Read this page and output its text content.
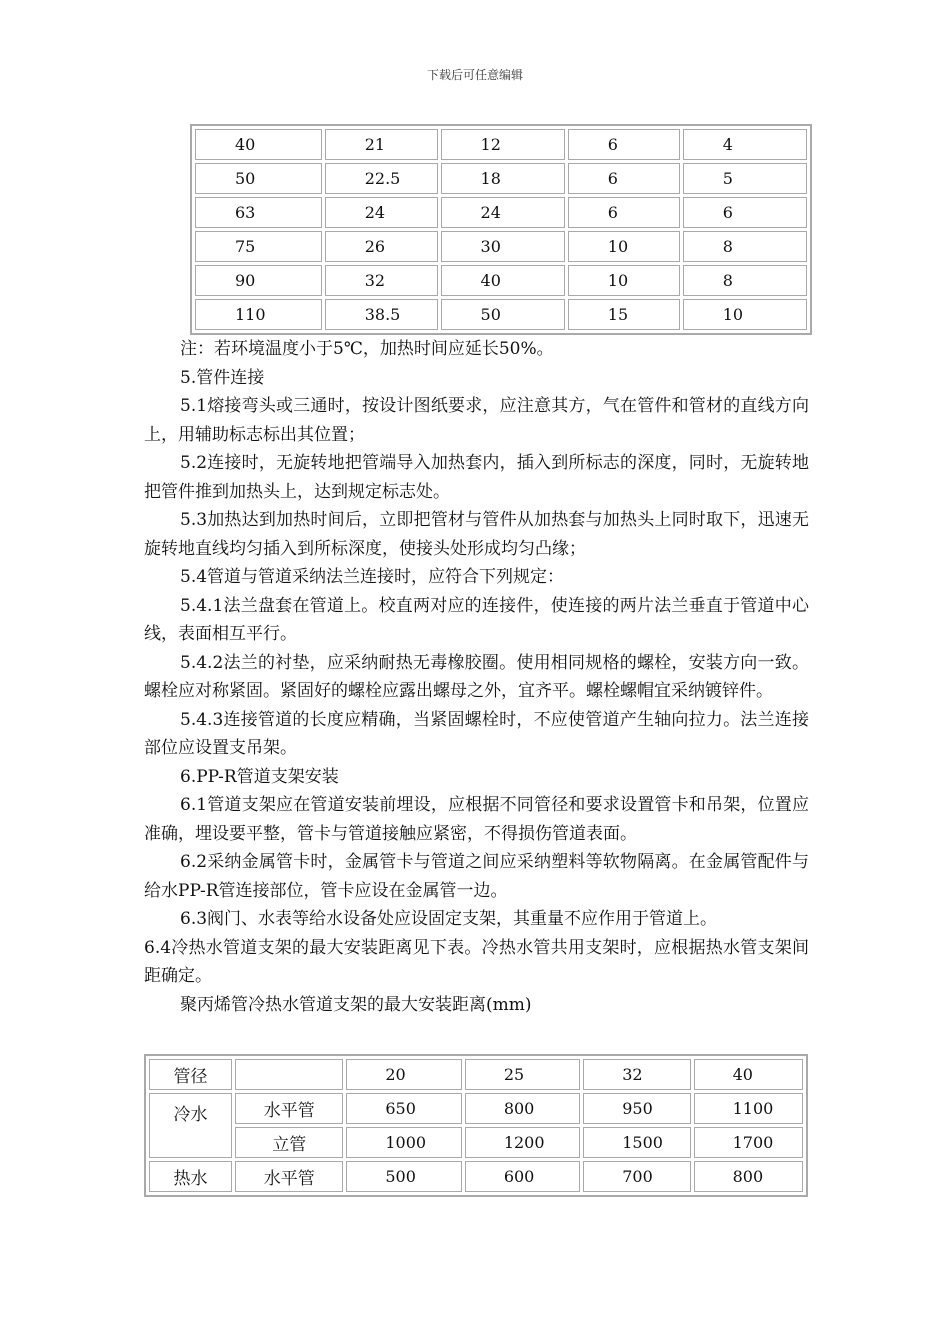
下载后可任意编辑
40	21	12	6	4
50	22.5	18	6	5
63	24	24	6	6
75	26	30	10	8
90	32	40	10	8
110	38.5	50	15	10

注：若环境温度小于5℃，加热时间应延长50%。

5.管件连接

5.1熔接弯头或三通时，按设计图纸要求，应注意其方，气在管件和管材的直线方向上，用辅助标志标出其位置；

5.2连接时，无旋转地把管端导入加热套内，插入到所标志的深度，同时，无旋转地把管件推到加热头上，达到规定标志处。

5.3加热达到加热时间后，立即把管材与管件从加热套与加热头上同时取下，迅速无旋转地直线均匀插入到所标深度，使接头处形成均匀凸缘；

5.4管道与管道采纳法兰连接时，应符合下列规定：

5.4.1法兰盘套在管道上。校直两对应的连接件，使连接的两片法兰垂直于管道中心线，表面相互平行。

5.4.2法兰的衬垫，应采纳耐热无毒橡胶圈。使用相同规格的螺栓，安装方向一致。螺栓应对称紧固。紧固好的螺栓应露出螺母之外，宜齐平。螺栓螺帽宜采纳镀锌件。

5.4.3连接管道的长度应精确，当紧固螺栓时，不应使管道产生轴向拉力。法兰连接部位应设置支吊架。

6.PP-R管道支架安装

6.1管道支架应在管道安装前埋设，应根据不同管径和要求设置管卡和吊架，位置应准确，埋设要平整，管卡与管道接触应紧密，不得损伤管道表面。

6.2采纳金属管卡时，金属管卡与管道之间应采纳塑料等软物隔离。在金属管配件与给水PP-R管连接部位，管卡应设在金属管一边。

6.3阀门、水表等给水设备处应设固定支架，其重量不应作用于管道上。

6.4冷热水管道支架的最大安装距离见下表。冷热水管共用支架时，应根据热水管支架间距确定。

聚丙烯管冷热水管道支架的最大安装距离(mm)

管径		20	25	32	40
冷水	水平管	650	800	950	1100
	立管	1000	1200	1500	1700
热水	水平管	500	600	700	800
